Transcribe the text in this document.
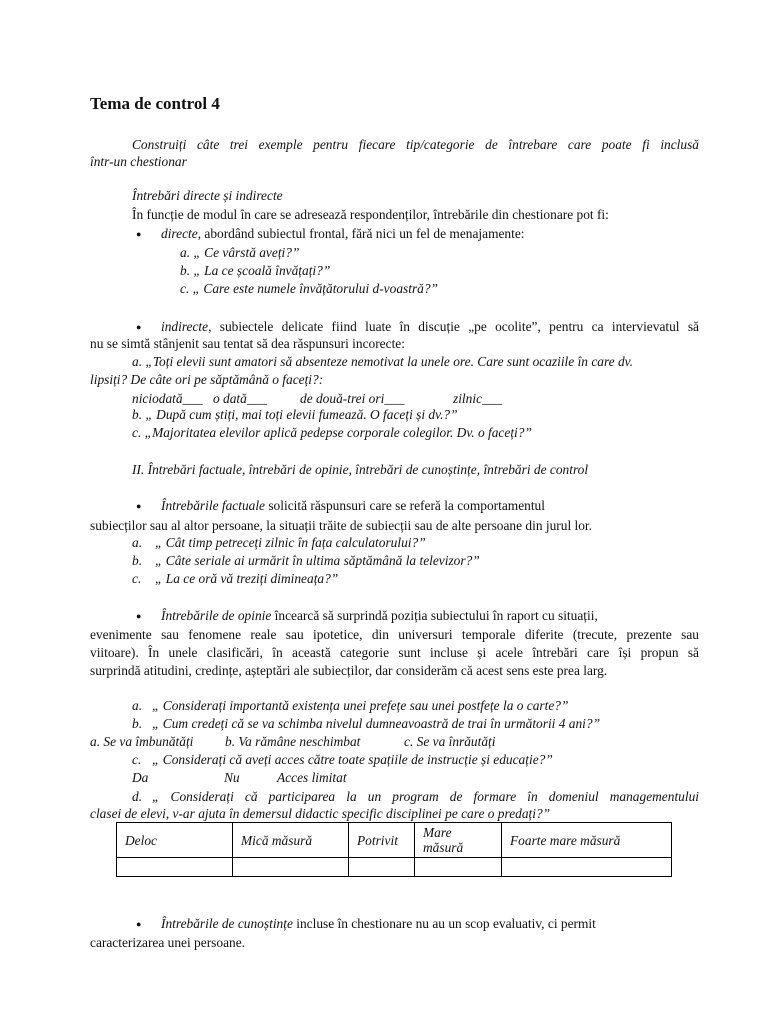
Tema de control 4
Construiți câte trei exemple pentru fiecare tip/categorie de întrebare care poate fi inclusă
într-un chestionar
Întrebări directe și indirecte
În funcție de modul în care se adresează respondenților, întrebările din chestionare pot fi:
● directe, abordând subiectul frontal, fără nici un fel de menajamente:
a. „ Ce vârstă aveți?”
b. „ La ce școală învățați?”
c. „ Care este numele învățătorului d-voastră?”
● indirecte, subiectele delicate fiind luate în discuție „pe ocolite”, pentru ca intervievatul să
nu se simtă stânjenit sau tentat să dea răspunsuri incorecte:
a. „Toți elevii sunt amatori să absenteze nemotivat la unele ore. Care sunt ocaziile în care dv.
lipsiți? De câte ori pe săptămână o faceți?:
niciodată___ o dată___ de două-trei ori___	zilnic___
b. „ După cum știți, mai toți elevii fumează. O faceți și dv.?”
c. „Majoritatea elevilor aplică pedepse corporale colegilor. Dv. o faceți?”
II. Întrebări factuale, întrebări de opinie, întrebări de cunoștințe, întrebări de control
● Întrebările factuale solicită răspunsuri care se referă la comportamentul
subiecților sau al altor persoane, la situații trăite de subiecții sau de alte persoane din jurul lor.
a. „ Cât timp petreceți zilnic în fața calculatorului?”
b. „ Câte seriale ai urmărit în ultima săptămână la televizor?”
c. „ La ce oră vă treziți dimineața?”
● Întrebările de opinie încearcă să surprindă poziția subiectului în raport cu situații,
evenimente sau fenomene reale sau ipotetice, din universuri temporale diferite (trecute, prezente sau
viitoare). În unele clasificări, în această categorie sunt incluse și acele întrebări care își propun să
surprindă atitudini, credințe, așteptări ale subiecților, dar considerăm că acest sens este prea larg.
a. „ Considerați importantă existența unei prefețe sau unei postfețe la o carte?”
b. „ Cum credeți că se va schimba nivelul dumneavoastră de trai în următorii 4 ani?”
a. Se va îmbunătăți b. Va rămâne neschimbat	c. Se va înrăutăți
c. „ Considerați că aveți acces către toate spațiile de instrucție și educație?”
Da	Nu	Acces limitat
d. „ Considerați că participarea la un program de formare în domeniul managementului
clasei de elevi, v-ar ajuta în demersul didactic specific disciplinei pe care o predați?”
Deloc	Mică măsură	Potrivit	Mare măsură	Foarte mare măsură

● Întrebările de cunoștințe incluse în chestionare nu au un scop evaluativ, ci permit
caracterizarea unei persoane.
